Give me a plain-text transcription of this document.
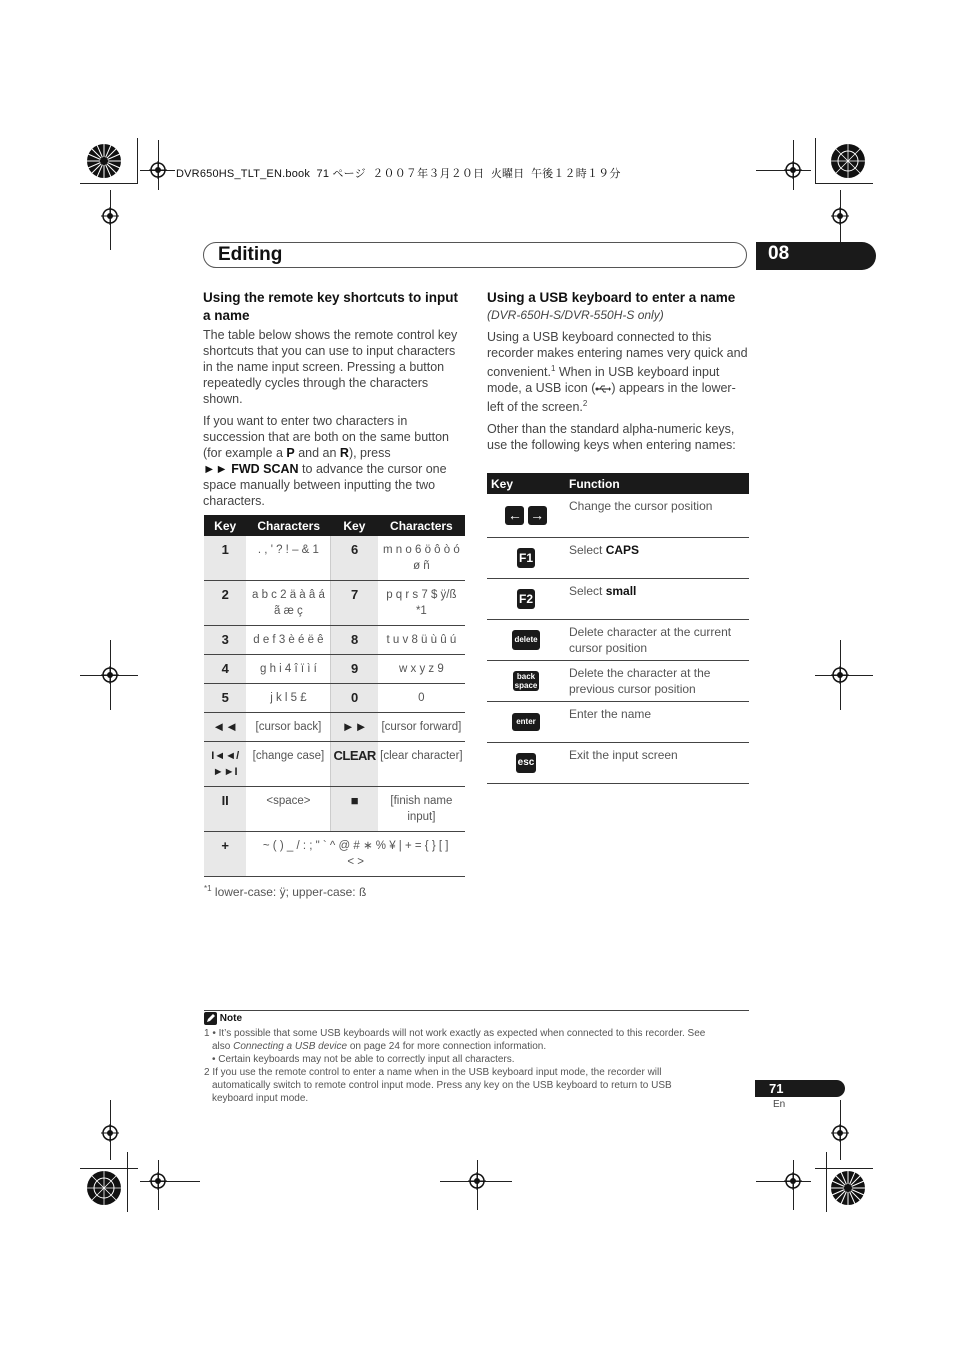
DVR650HS_TLT_EN.book  71 ページ  ２００７年３月２０日  火曜日  午後１２時１９分
Editing	08
Using the remote key shortcuts to input a name

The table below shows the remote control key shortcuts that you can use to input characters in the name input screen. Pressing a button repeatedly cycles through the characters shown.

If you want to enter two characters in succession that are both on the same button (for example a P and an R), press
►► FWD SCAN to advance the cursor one space manually between inputting the two characters.

Key	Characters	Key	Characters
1	. , ' ? ! – & 1	6	m n o 6 ö ô ò ó ø ñ
2	a b c 2 ä à â á ã æ ç	7	p q r s 7 $ ÿ/ß *1
3	d e f 3 è é ë ê	8	t u v 8 ü ù û ú
4	g h i 4 î ï ì í	9	w x y z 9
5	j k l 5 £	0	0
◄◄	[cursor back]	►►	[cursor forward]
I◄◄/ ►►I	[change case]	CLEAR	[clear character]
II	<space>	■	[finish name input]
+	~ ( ) _ / : ; " ` ^ @ # ∗ % ¥ | + = { } [ ] < >		
$^{*1}$ lower-case: ÿ; upper-case: ß
Using a USB keyboard to enter a name
(DVR-650H-S/DVR-550H-S only)

Using a USB keyboard connected to this recorder makes entering names very quick and convenient.$^1$ When in USB keyboard input mode, a USB icon ( ) appears in the lower-left of the screen.$^2$

Other than the standard alpha-numeric keys, use the following keys when entering names:

Key	Function
← →	Change the cursor position
F1	Select CAPS
F2	Select small
delete	Delete character at the current cursor position
back space	Delete the character at the previous cursor position
enter	Enter the name
esc	Exit the input screen
Note
1 • It’s possible that some USB keyboards will not work exactly as expected when connected to this recorder. See
also Connecting a USB device on page 24 for more connection information.
• Certain keyboards may not be able to correctly input all characters.
2 If you use the remote control to enter a name when in the USB keyboard input mode, the recorder will
automatically switch to remote control input mode. Press any key on the USB keyboard to return to USB
keyboard input mode.
71
En
